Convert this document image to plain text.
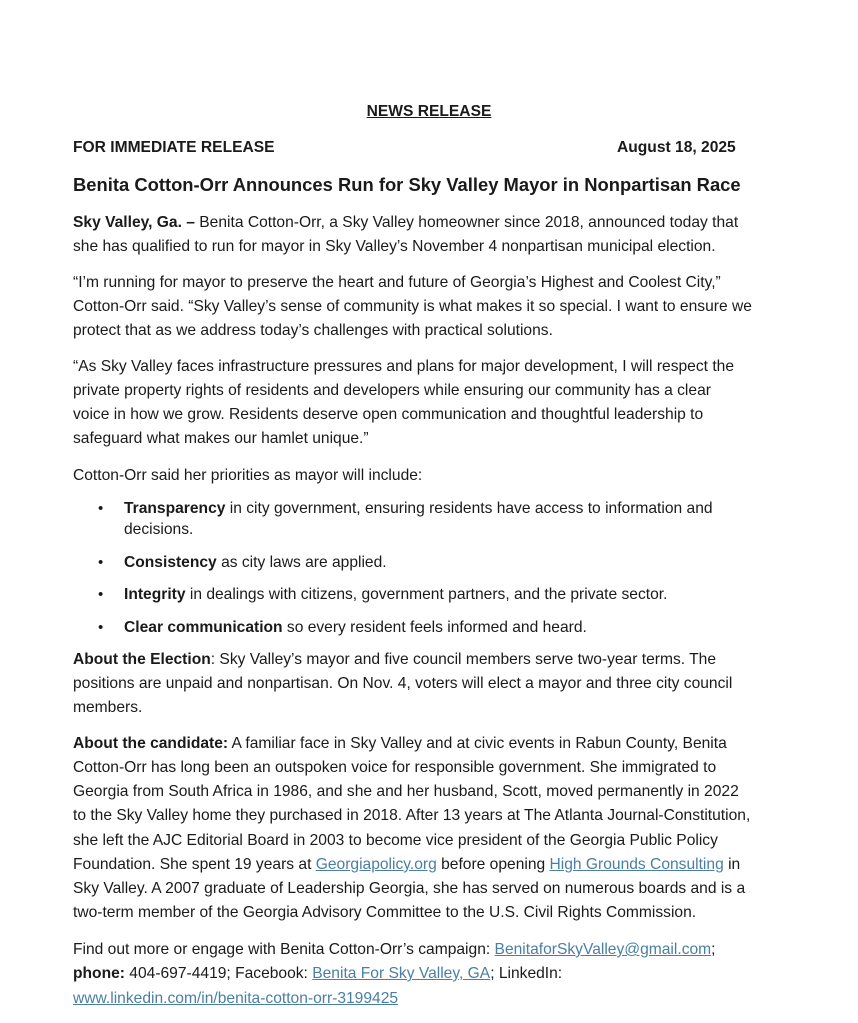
NEWS RELEASE
FOR IMMEDIATE RELEASE	August 18, 2025
Benita Cotton-Orr Announces Run for Sky Valley Mayor in Nonpartisan Race
Sky Valley, Ga. – Benita Cotton-Orr, a Sky Valley homeowner since 2018, announced today that
she has qualified to run for mayor in Sky Valley’s November 4 nonpartisan municipal election.
“I’m running for mayor to preserve the heart and future of Georgia’s Highest and Coolest City,”
Cotton-Orr said. “Sky Valley’s sense of community is what makes it so special. I want to ensure we
protect that as we address today’s challenges with practical solutions.
“As Sky Valley faces infrastructure pressures and plans for major development, I will respect the
private property rights of residents and developers while ensuring our community has a clear
voice in how we grow. Residents deserve open communication and thoughtful leadership to
safeguard what makes our hamlet unique.”
Cotton-Orr said her priorities as mayor will include:
• Transparency in city government, ensuring residents have access to information and
decisions.
• Consistency as city laws are applied.
• Integrity in dealings with citizens, government partners, and the private sector.
• Clear communication so every resident feels informed and heard.
About the Election: Sky Valley’s mayor and five council members serve two-year terms. The
positions are unpaid and nonpartisan. On Nov. 4, voters will elect a mayor and three city council
members.
About the candidate: A familiar face in Sky Valley and at civic events in Rabun County, Benita
Cotton-Orr has long been an outspoken voice for responsible government. She immigrated to
Georgia from South Africa in 1986, and she and her husband, Scott, moved permanently in 2022
to the Sky Valley home they purchased in 2018. After 13 years at The Atlanta Journal-Constitution,
she left the AJC Editorial Board in 2003 to become vice president of the Georgia Public Policy
Foundation. She spent 19 years at Georgiapolicy.org before opening High Grounds Consulting in
Sky Valley. A 2007 graduate of Leadership Georgia, she has served on numerous boards and is a
two-term member of the Georgia Advisory Committee to the U.S. Civil Rights Commission.
Find out more or engage with Benita Cotton-Orr’s campaign: BenitaforSkyValley@gmail.com;
phone: 404-697-4419; Facebook: Benita For Sky Valley, GA; LinkedIn:
www.linkedin.com/in/benita-cotton-orr-3199425
